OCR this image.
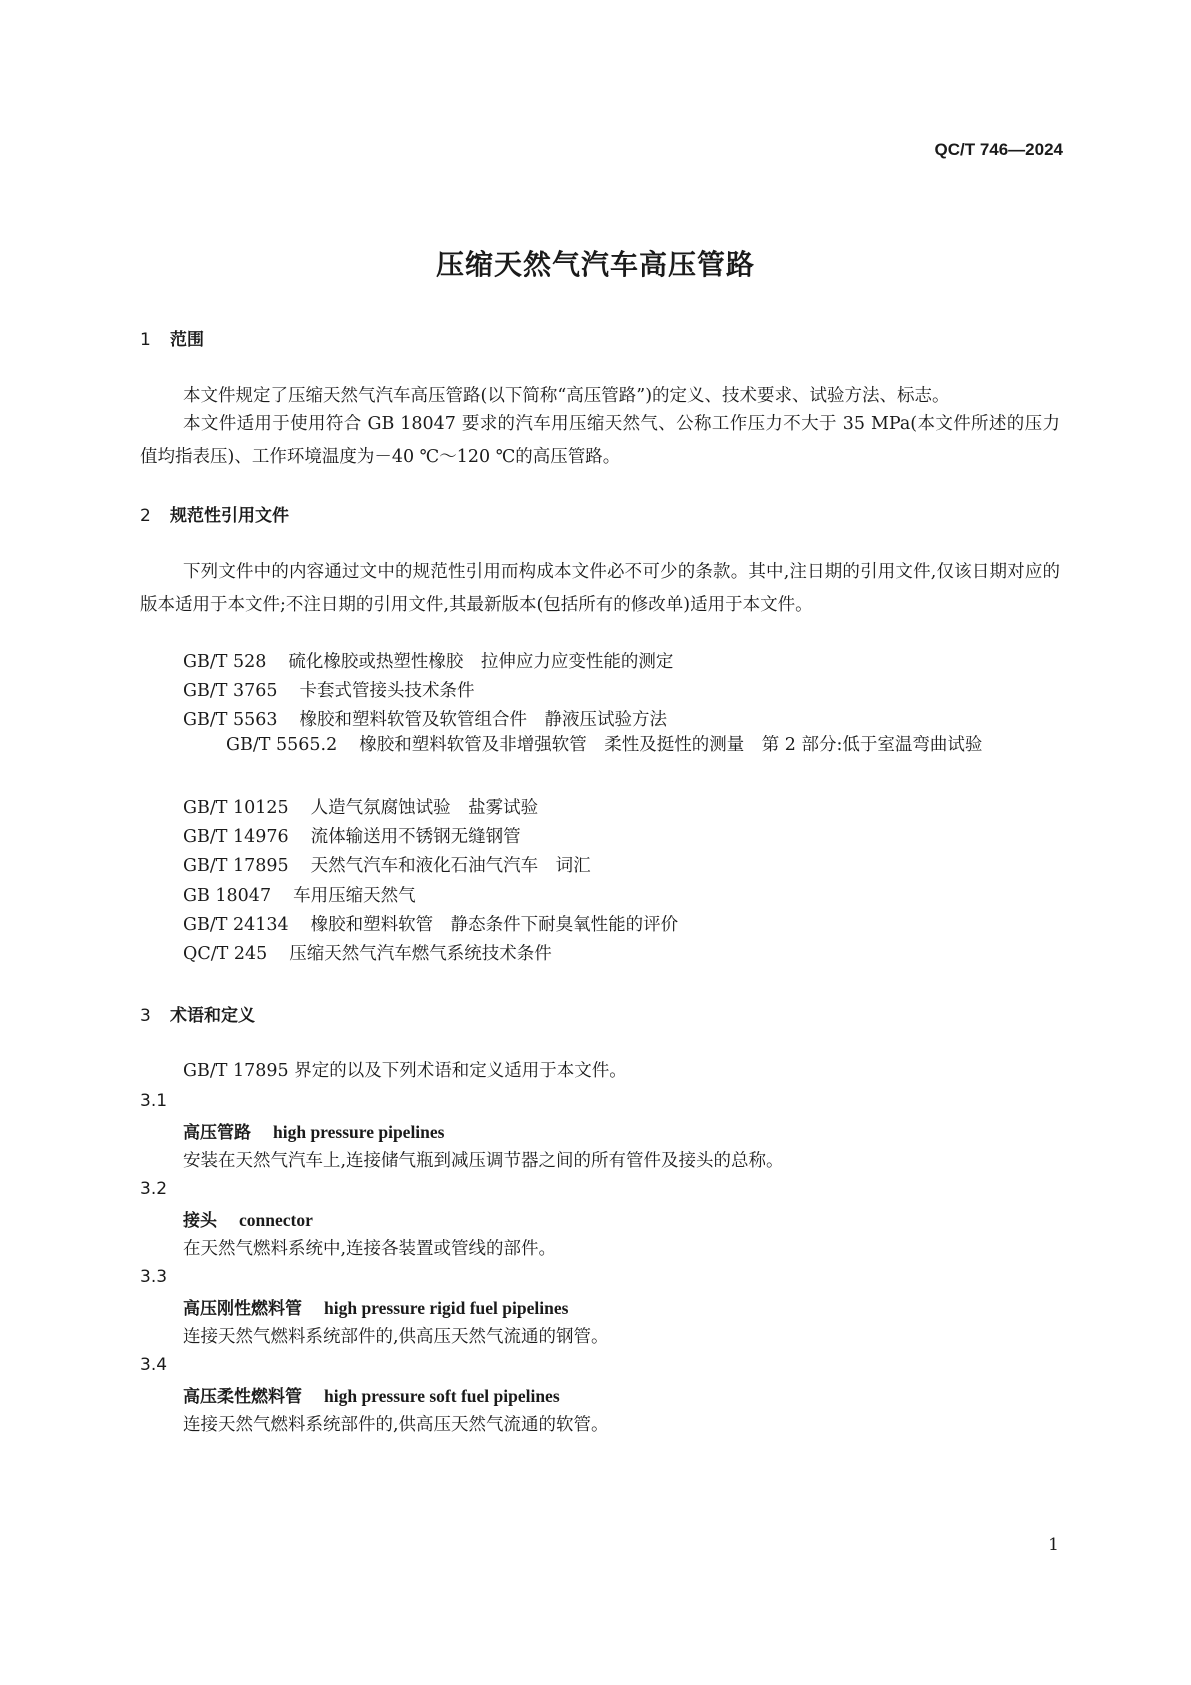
QC/T 746—2024
压缩天然气汽车高压管路
1 范围
本文件规定了压缩天然气汽车高压管路(以下简称“高压管路”)的定义、技术要求、试验方法、标志。
本文件适用于使用符合 GB 18047 要求的汽车用压缩天然气、公称工作压力不大于 35 MPa(本文件所述的压力值均指表压)、工作环境温度为－40 ℃～120 ℃的高压管路。
2 规范性引用文件
下列文件中的内容通过文中的规范性引用而构成本文件必不可少的条款。其中,注日期的引用文件,仅该日期对应的版本适用于本文件;不注日期的引用文件,其最新版本(包括所有的修改单)适用于本文件。
GB/T 528 硫化橡胶或热塑性橡胶　拉伸应力应变性能的测定
GB/T 3765 卡套式管接头技术条件
GB/T 5563 橡胶和塑料软管及软管组合件　静液压试验方法
GB/T 5565.2 橡胶和塑料软管及非增强软管　柔性及挺性的测量　第 2 部分:低于室温弯曲试验
GB/T 10125 人造气氛腐蚀试验　盐雾试验
GB/T 14976 流体输送用不锈钢无缝钢管
GB/T 17895 天然气汽车和液化石油气汽车　词汇
GB 18047 车用压缩天然气
GB/T 24134 橡胶和塑料软管　静态条件下耐臭氧性能的评价
QC/T 245 压缩天然气汽车燃气系统技术条件
3 术语和定义
GB/T 17895 界定的以及下列术语和定义适用于本文件。
3.1
高压管路 high pressure pipelines
安装在天然气汽车上,连接储气瓶到减压调节器之间的所有管件及接头的总称。
3.2
接头 connector
在天然气燃料系统中,连接各装置或管线的部件。
3.3
高压刚性燃料管 high pressure rigid fuel pipelines
连接天然气燃料系统部件的,供高压天然气流通的钢管。
3.4
高压柔性燃料管 high pressure soft fuel pipelines
连接天然气燃料系统部件的,供高压天然气流通的软管。
1
